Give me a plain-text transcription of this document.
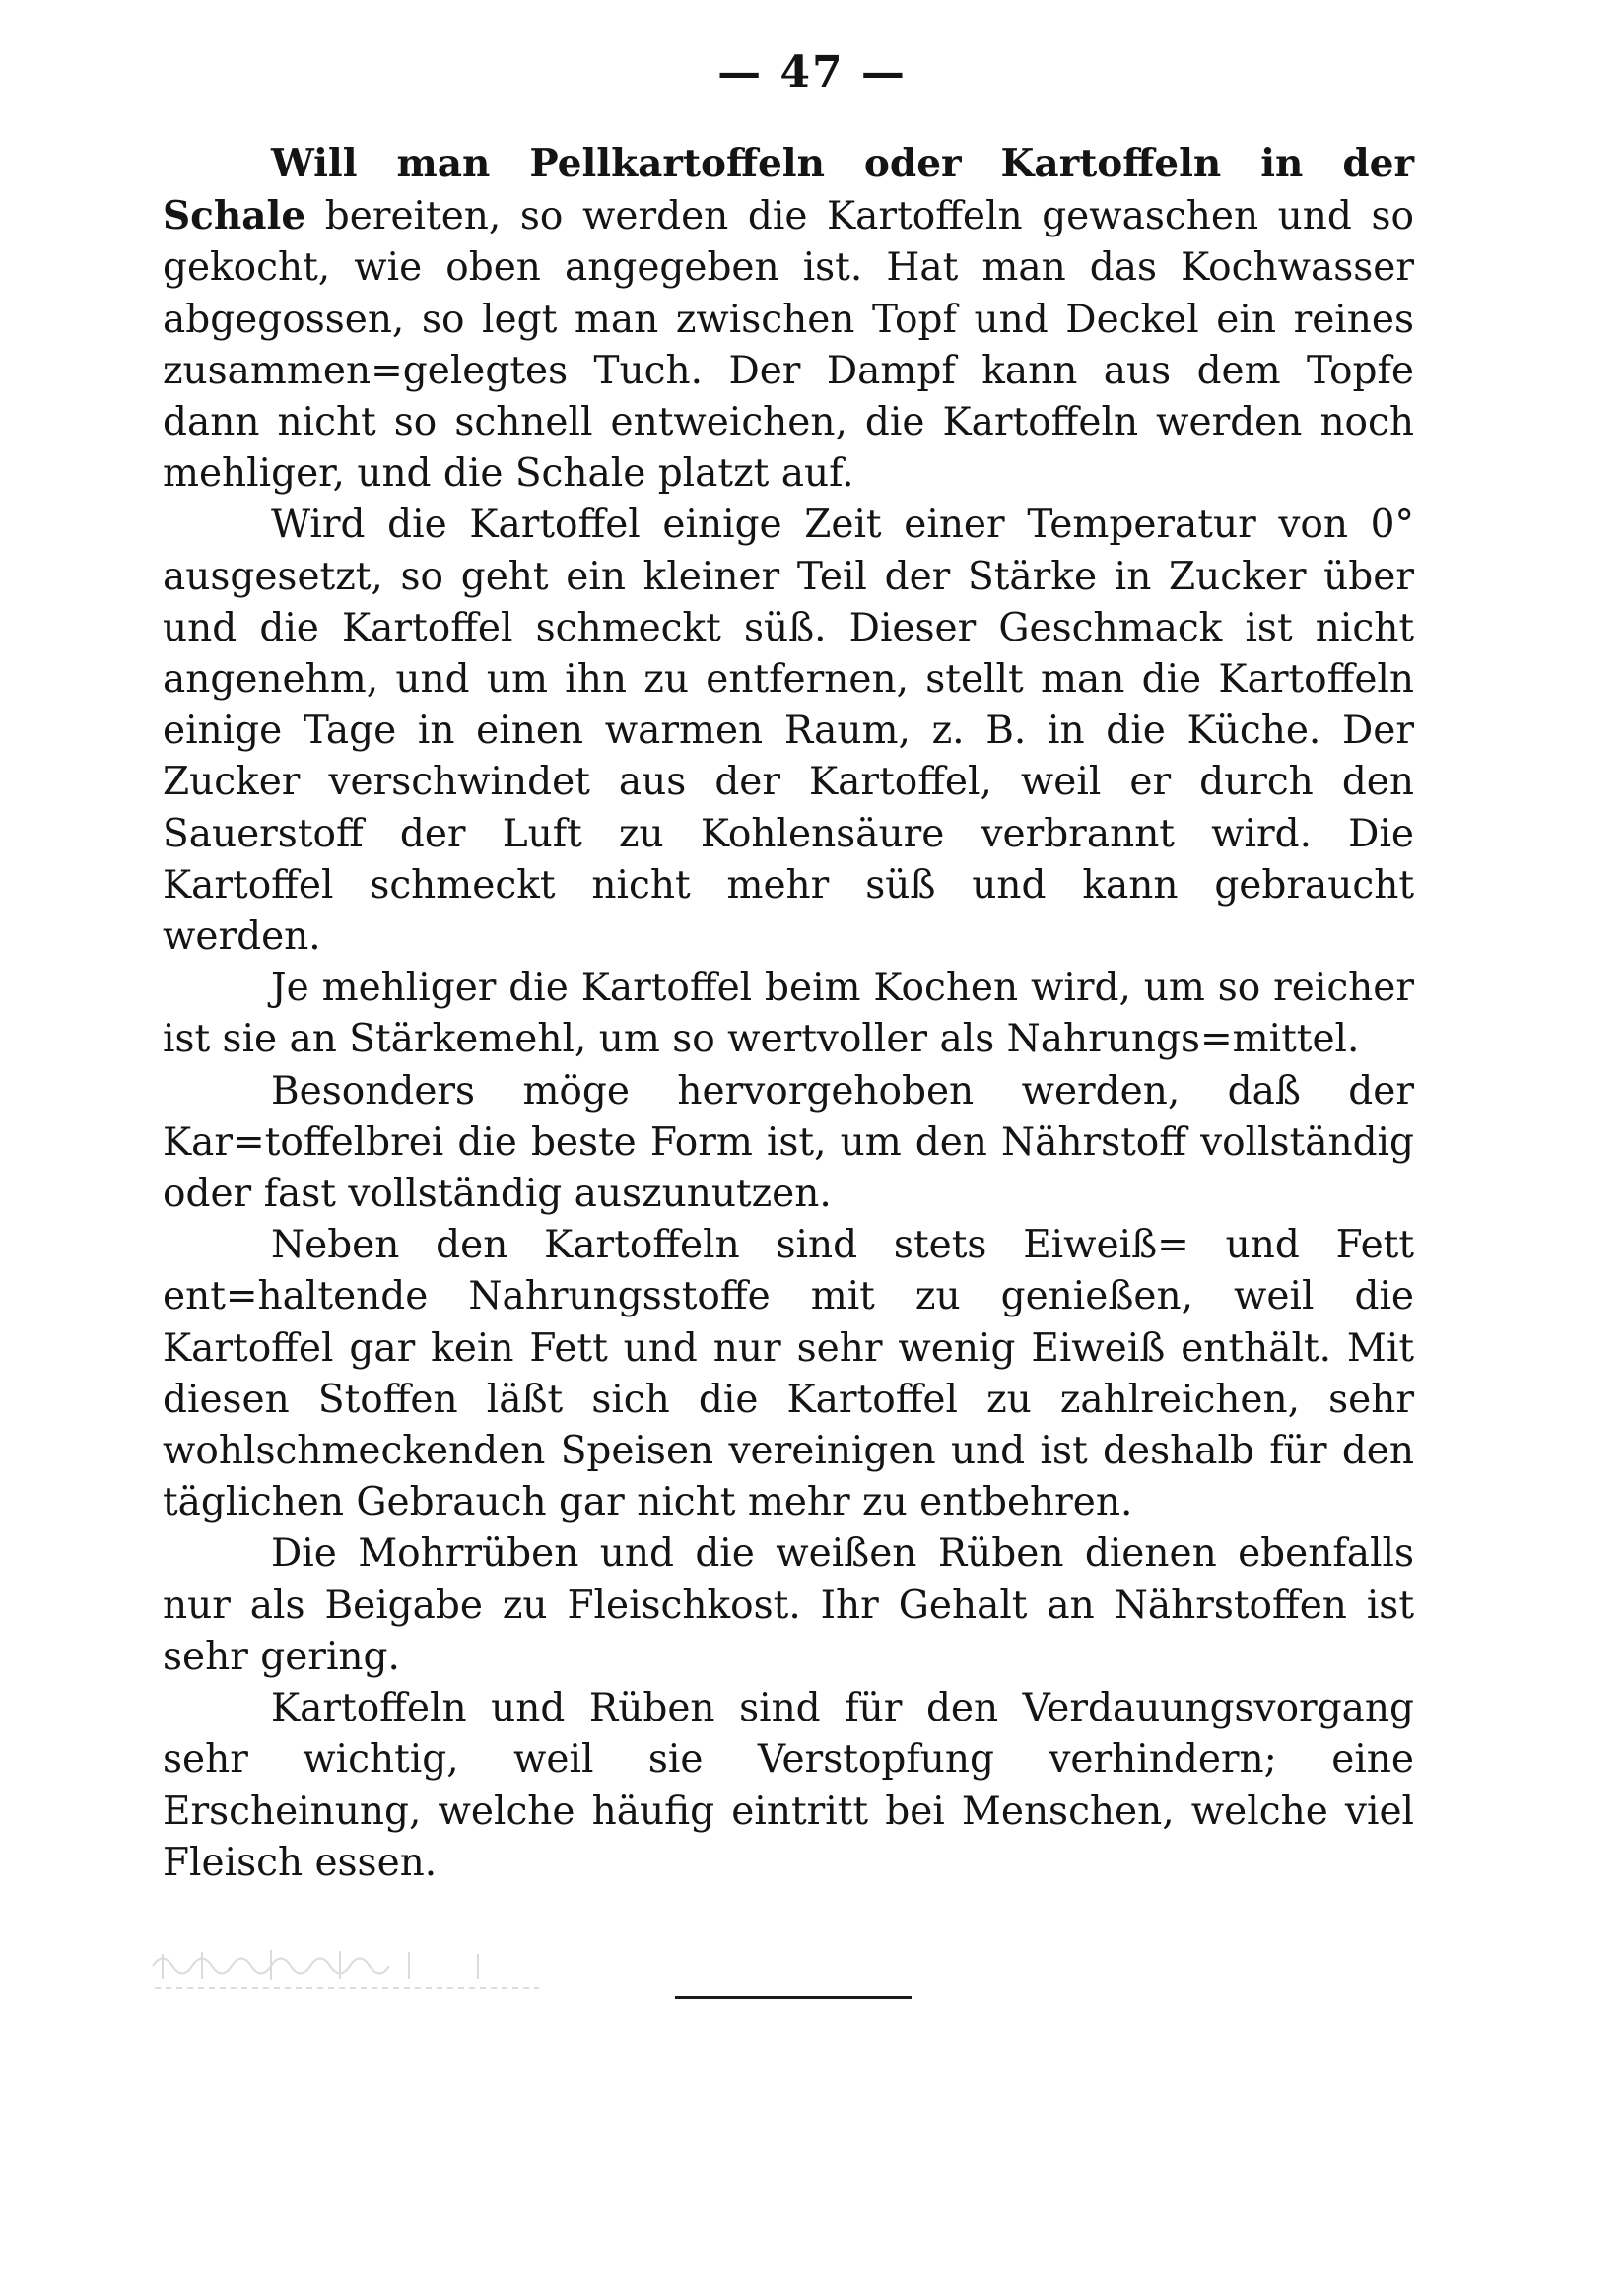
— 47 —

Will man Pellkartoffeln oder Kartoffeln in der Schale bereiten, so werden die Kartoffeln gewaschen und so gekocht, wie oben angegeben ist. Hat man das Kochwasser abgegossen, so legt man zwischen Topf und Deckel ein reines zusammen=gelegtes Tuch. Der Dampf kann aus dem Topfe dann nicht so schnell entweichen, die Kartoffeln werden noch mehliger, und die Schale platzt auf.

Wird die Kartoffel einige Zeit einer Temperatur von 0° ausgesetzt, so geht ein kleiner Teil der Stärke in Zucker über und die Kartoffel schmeckt süß. Dieser Geschmack ist nicht angenehm, und um ihn zu entfernen, stellt man die Kartoffeln einige Tage in einen warmen Raum, z. B. in die Küche. Der Zucker verschwindet aus der Kartoffel, weil er durch den Sauerstoff der Luft zu Kohlensäure verbrannt wird. Die Kartoffel schmeckt nicht mehr süß und kann gebraucht werden.

Je mehliger die Kartoffel beim Kochen wird, um so reicher ist sie an Stärkemehl, um so wertvoller als Nahrungs=mittel.

Besonders möge hervorgehoben werden, daß der Kar=toffelbrei die beste Form ist, um den Nährstoff vollständig oder fast vollständig auszunutzen.

Neben den Kartoffeln sind stets Eiweiß= und Fett ent=haltende Nahrungsstoffe mit zu genießen, weil die Kartoffel gar kein Fett und nur sehr wenig Eiweiß enthält. Mit diesen Stoffen läßt sich die Kartoffel zu zahlreichen, sehr wohlschmeckenden Speisen vereinigen und ist deshalb für den täglichen Gebrauch gar nicht mehr zu entbehren.

Die Mohrrüben und die weißen Rüben dienen ebenfalls nur als Beigabe zu Fleischkost. Ihr Gehalt an Nährstoffen ist sehr gering.

Kartoffeln und Rüben sind für den Verdauungsvorgang sehr wichtig, weil sie Verstopfung verhindern; eine Erscheinung, welche häufig eintritt bei Menschen, welche viel Fleisch essen.
